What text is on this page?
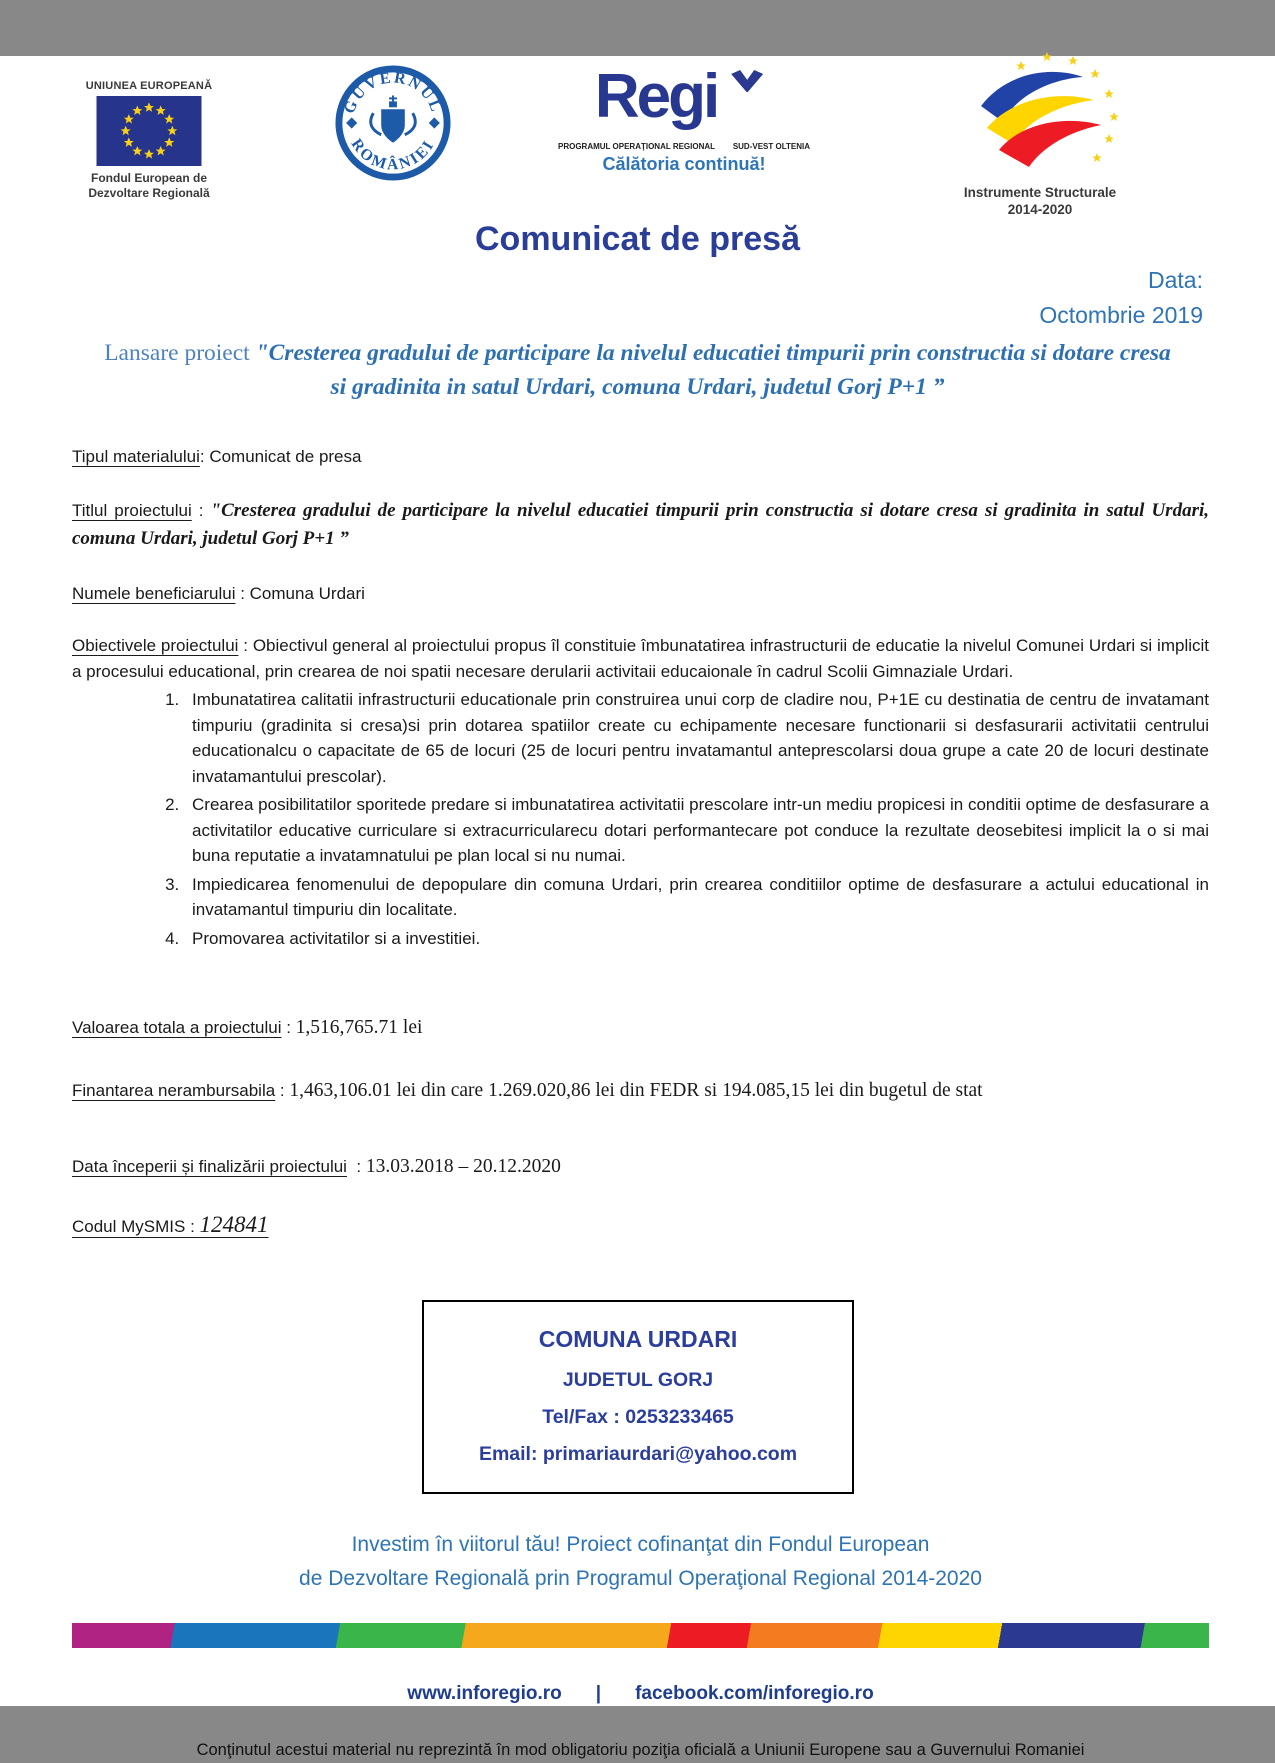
UNIUNEA EUROPEANĂ
Fondul European de Dezvoltare Regională
GUVERNUL
ROMÂNIEI
Regi
PROGRAMUL OPERAŢIONAL REGIONAL SUD-VEST OLTENIA
Călătoria continuă!
Instrumente Structurale
2014-2020
Comunicat de presă
Data:
Octombrie 2019
Lansare proiect "Cresterea gradului de participare la nivelul educatiei timpurii prin constructia si dotare cresa si gradinita in satul Urdari, comuna Urdari, judetul Gorj P+1 ”
Tipul materialului: Comunicat de presa
Titlul proiectului : "Cresterea gradului de participare la nivelul educatiei timpurii prin constructia si dotare cresa si gradinita in satul Urdari, comuna Urdari, judetul Gorj P+1 ”
Numele beneficiarului : Comuna Urdari
Obiectivele proiectului : Obiectivul general al proiectului propus îl constituie îmbunatatirea infrastructurii de educatie la nivelul Comunei Urdari si implicit a procesului educational, prin crearea de noi spatii necesare derularii activitaii educaionale în cadrul Scolii Gimnaziale Urdari.
1. Imbunatatirea calitatii infrastructurii educationale prin construirea unui corp de cladire nou, P+1E cu destinatia de centru de invatamant timpuriu (gradinita si cresa)si prin dotarea spatiilor create cu echipamente necesare functionarii si desfasurarii activitatii centrului educationalcu o capacitate de 65 de locuri (25 de locuri pentru invatamantul anteprescolarsi doua grupe a cate 20 de locuri destinate invatamantului prescolar).
2. Crearea posibilitatilor sporitede predare si imbunatatirea activitatii prescolare intr-un mediu propicesi in conditii optime de desfasurare a activitatilor educative curriculare si extracurricularecu dotari performantecare pot conduce la rezultate deosebitesi implicit la o si mai buna reputatie a invatamnatului pe plan local si nu numai.
3. Impiedicarea fenomenului de depopulare din comuna Urdari, prin crearea conditiilor optime de desfasurare a actului educational in invatamantul timpuriu din localitate.
4. Promovarea activitatilor si a investitiei.
Valoarea totala a proiectului : 1,516,765.71 lei
Finantarea nerambursabila : 1,463,106.01 lei din care 1.269.020,86 lei din FEDR si 194.085,15 lei din bugetul de stat
Data începerii și finalizării proiectului  : 13.03.2018 – 20.12.2020
Codul MySMIS : 124841
COMUNA URDARI
JUDETUL GORJ
Tel/Fax : 0253233465
Email: primariaurdari@yahoo.com
Investim în viitorul tău! Proiect cofinanţat din Fondul European
de Dezvoltare Regională prin Programul Operaţional Regional 2014-2020
www.inforegio.ro | facebook.com/inforegio.ro
Conţinutul acestui material nu reprezintă în mod obligatoriu poziţia oficială a Uniunii Europene sau a Guvernului Romaniei
